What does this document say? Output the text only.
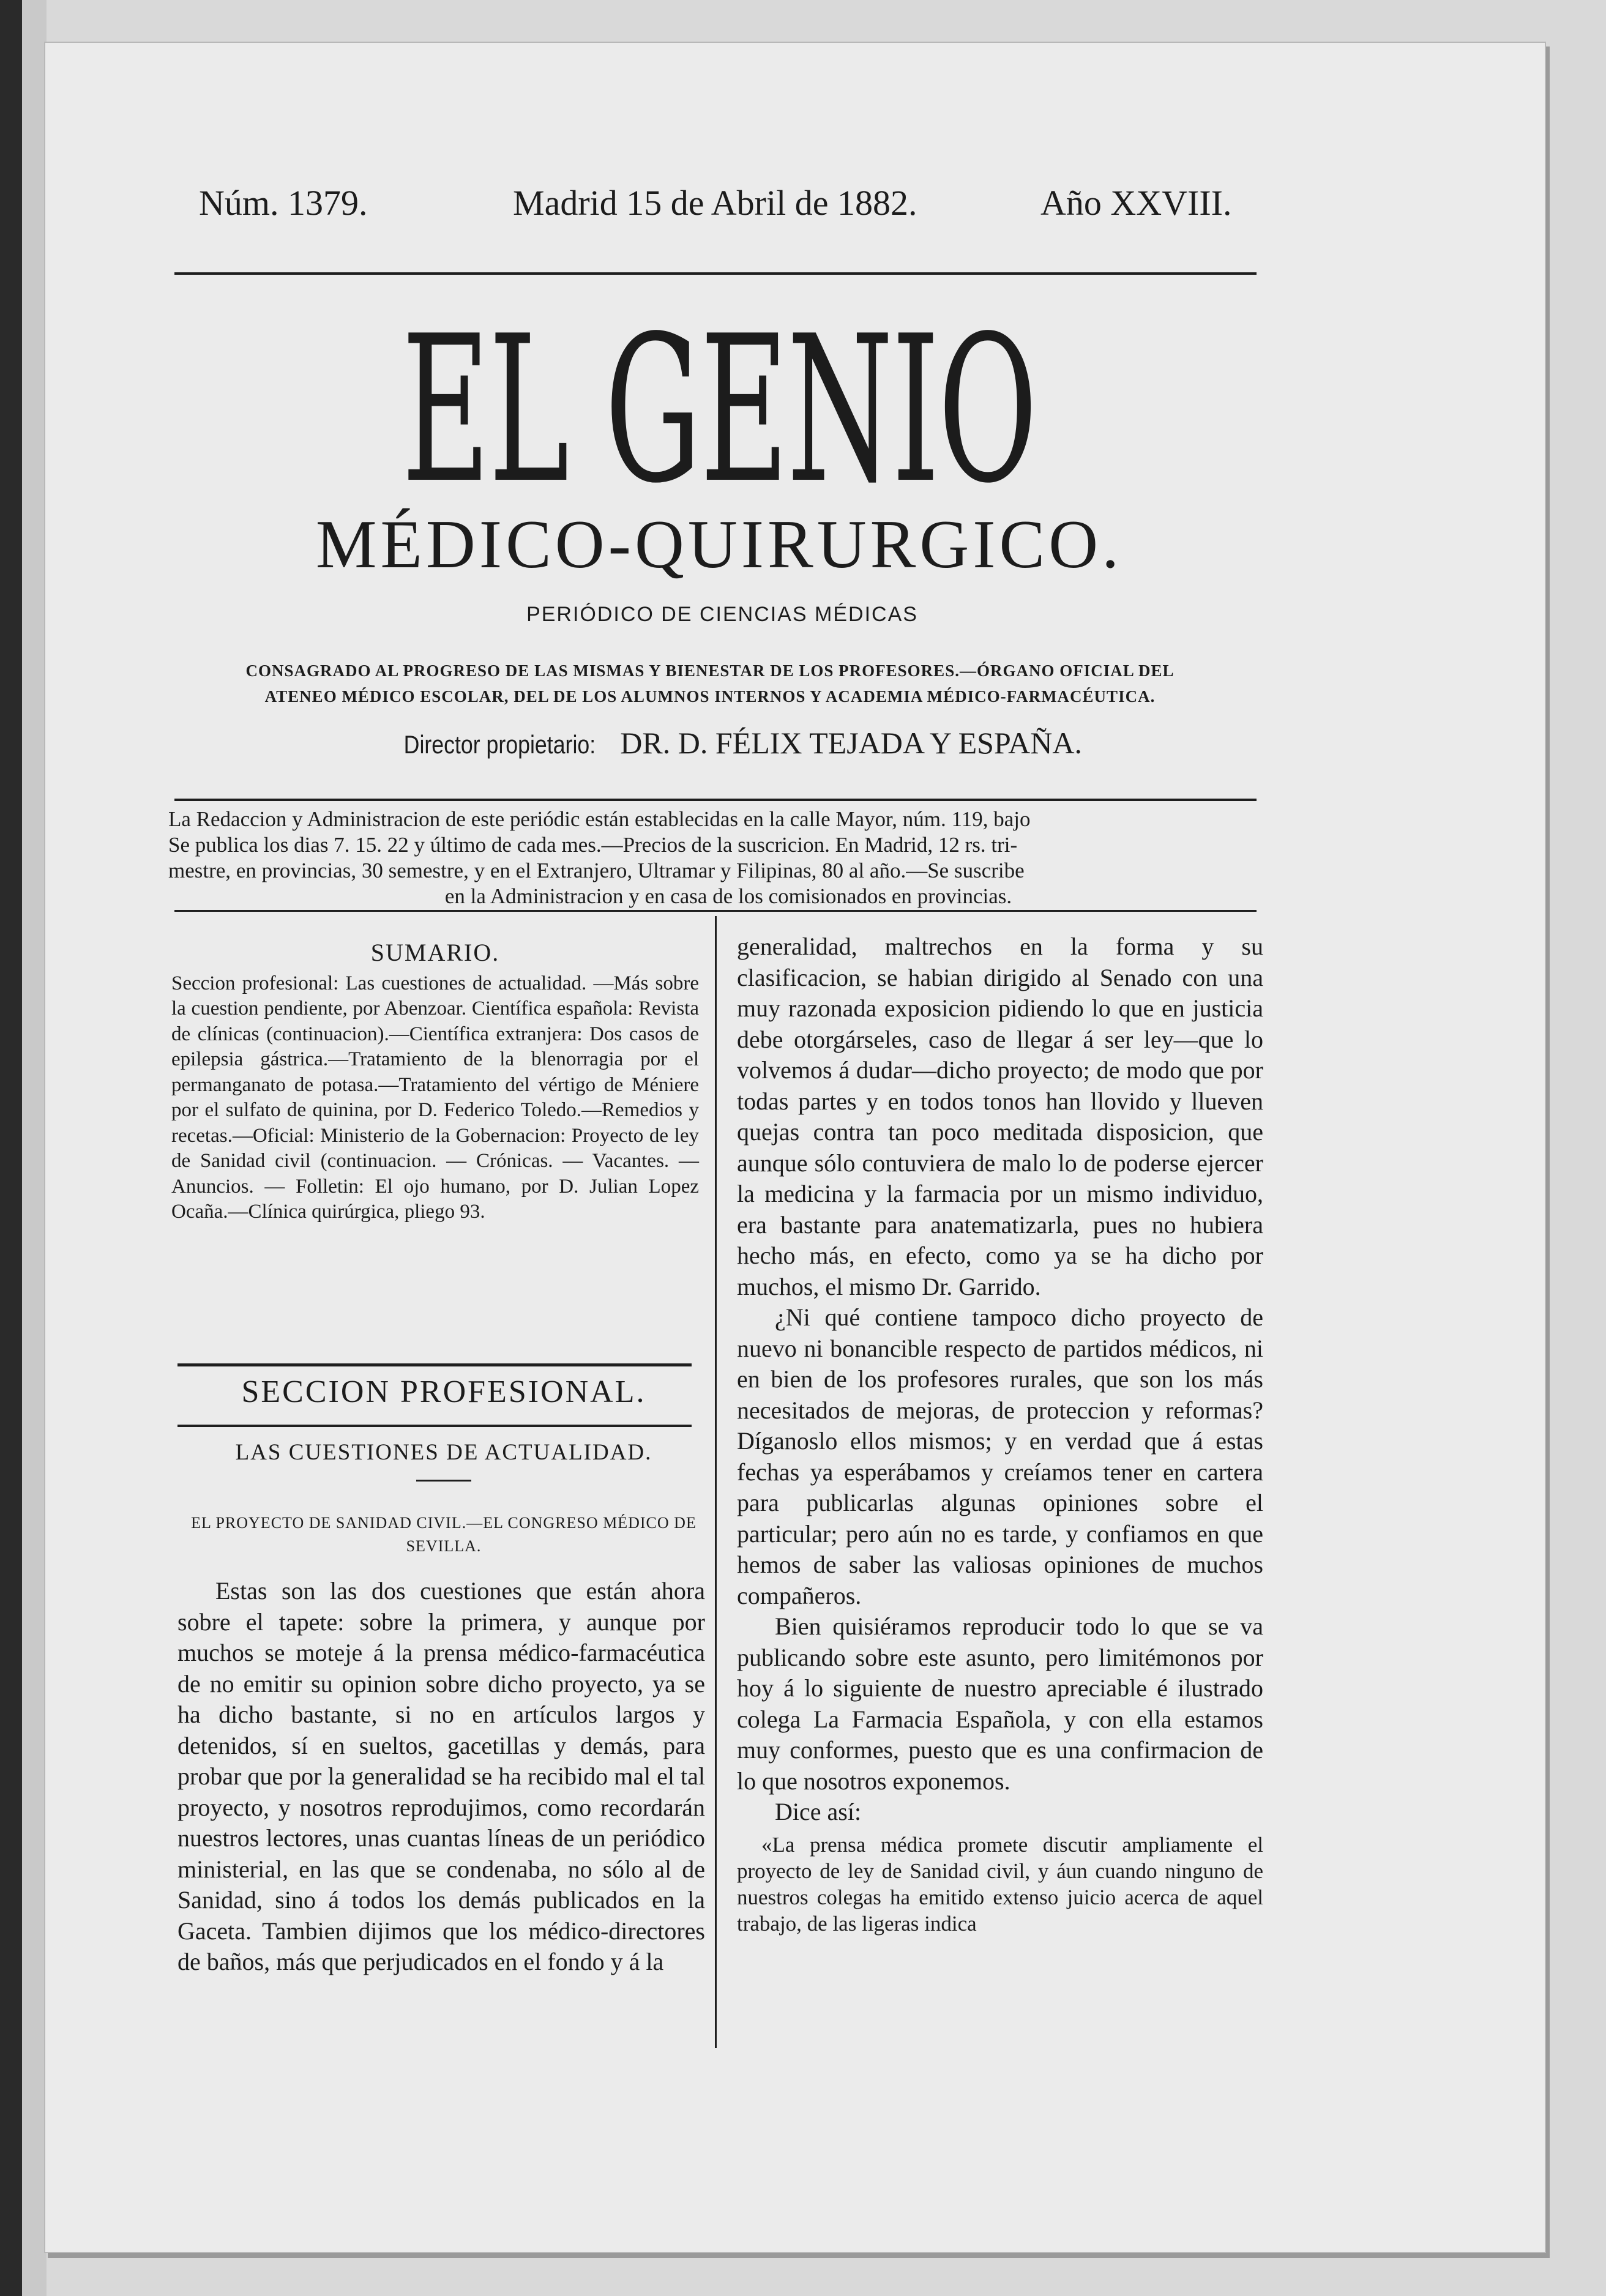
Núm. 1379.	Madrid 15 de Abril de 1882.	Año XXVIII.
EL GENIO
MÉDICO-QUIRURGICO.
PERIÓDICO DE CIENCIAS MÉDICAS
CONSAGRADO AL PROGRESO DE LAS MISMAS Y BIENESTAR DE LOS PROFESORES.—ÓRGANO OFICIAL DEL
ATENEO MÉDICO ESCOLAR, DEL DE LOS ALUMNOS INTERNOS Y ACADEMIA MÉDICO-FARMACÉUTICA.
Director propietario: DR. D. FÉLIX TEJADA Y ESPAÑA.
La Redaccion y Administracion de este periódic están establecidas en la calle Mayor, núm. 119, bajo
Se publica los dias 7. 15. 22 y último de cada mes.—Precios de la suscricion. En Madrid, 12 rs. tri-
mestre, en provincias, 30 semestre, y en el Extranjero, Ultramar y Filipinas, 80 al año.—Se suscribe
en la Administracion y en casa de los comisionados en provincias.
SUMARIO.
Seccion profesional: Las cuestiones de actualidad. —Más sobre la cuestion pendiente, por Abenzoar. Científica española: Revista de clínicas (continuacion).—Científica extranjera: Dos casos de epilepsia gástrica.—Tratamiento de la blenorragia por el permanganato de potasa.—Tratamiento del vértigo de Méniere por el sulfato de quinina, por D. Federico Toledo.—Remedios y recetas.—Oficial: Ministerio de la Gobernacion: Proyecto de ley de Sanidad civil (continuacion. — Crónicas. — Vacantes. — Anuncios. — Folletin: El ojo humano, por D. Julian Lopez Ocaña.—Clínica quirúrgica, pliego 93.
SECCION PROFESIONAL.
LAS CUESTIONES DE ACTUALIDAD.
EL PROYECTO DE SANIDAD CIVIL.—EL CONGRESO MÉDICO DE SEVILLA.

Estas son las dos cuestiones que están ahora sobre el tapete: sobre la primera, y aunque por muchos se moteje á la prensa médico-farmacéutica de no emitir su opinion sobre dicho proyecto, ya se ha dicho bastante, si no en artículos largos y detenidos, sí en sueltos, gacetillas y demás, para probar que por la generalidad se ha recibido mal el tal proyecto, y nosotros reprodujimos, como recordarán nuestros lectores, unas cuantas líneas de un periódico ministerial, en las que se condenaba, no sólo al de Sanidad, sino á todos los demás publicados en la Gaceta. Tambien dijimos que los médico-directores de baños, más que perjudicados en el fondo y á la

generalidad, maltrechos en la forma y su clasificacion, se habian dirigido al Senado con una muy razonada exposicion pidiendo lo que en justicia debe otorgárseles, caso de llegar á ser ley—que lo volvemos á dudar—dicho proyecto; de modo que por todas partes y en todos tonos han llovido y llueven quejas contra tan poco meditada disposicion, que aunque sólo contuviera de malo lo de poderse ejercer la medicina y la farmacia por un mismo individuo, era bastante para anatematizarla, pues no hubiera hecho más, en efecto, como ya se ha dicho por muchos, el mismo Dr. Garrido.

¿Ni qué contiene tampoco dicho proyecto de nuevo ni bonancible respecto de partidos médicos, ni en bien de los profesores rurales, que son los más necesitados de mejoras, de proteccion y reformas? Díganoslo ellos mismos; y en verdad que á estas fechas ya esperábamos y creíamos tener en cartera para publicarlas algunas opiniones sobre el particular; pero aún no es tarde, y confiamos en que hemos de saber las valiosas opiniones de muchos compañeros.

Bien quisiéramos reproducir todo lo que se va publicando sobre este asunto, pero limitémonos por hoy á lo siguiente de nuestro apreciable é ilustrado colega La Farmacia Española, y con ella estamos muy conformes, puesto que es una confirmacion de lo que nosotros exponemos.

Dice así:

«La prensa médica promete discutir ampliamente el proyecto de ley de Sanidad civil, y áun cuando ninguno de nuestros colegas ha emitido extenso juicio acerca de aquel trabajo, de las ligeras indica
